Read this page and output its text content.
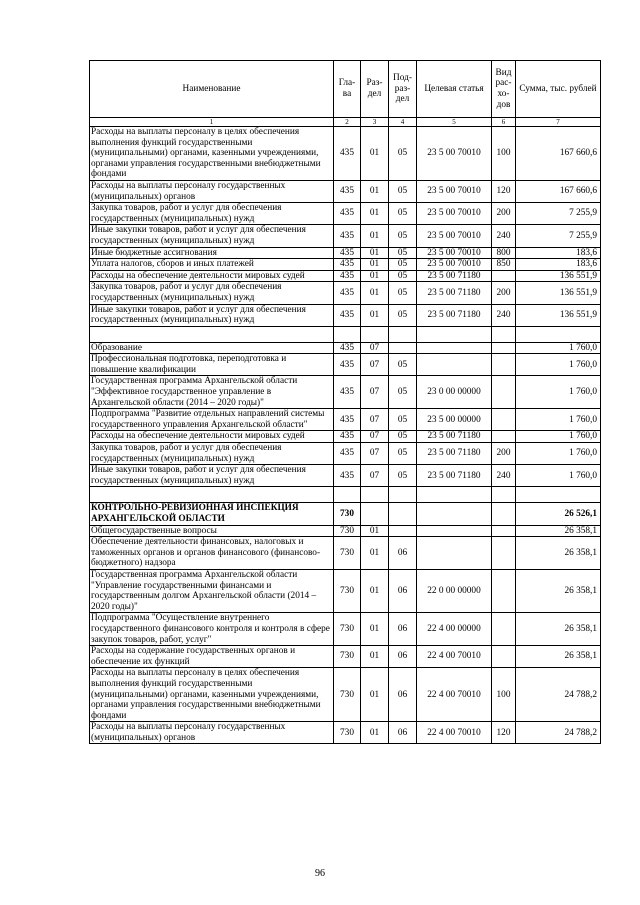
Наименование	Гла- ва	Раз- дел	Под- раз- дел	Целевая статья	Вид рас- хо- дов	Сумма, тыс. рублей
1	2	3	4	5	6	7
Расходы на выплаты персоналу в целях обеспечения выполнения функций государственными (муниципальными) органами, казенными учреждениями, органами управления государственными внебюджетными фондами	435	01	05	23 5 00 70010	100	167 660,6
Расходы на выплаты персоналу государственных (муниципальных) органов	435	01	05	23 5 00 70010	120	167 660,6
Закупка товаров, работ и услуг для обеспечения государственных (муниципальных) нужд	435	01	05	23 5 00 70010	200	7 255,9
Иные закупки товаров, работ и услуг для обеспечения государственных (муниципальных) нужд	435	01	05	23 5 00 70010	240	7 255,9
Иные бюджетные ассигнования	435	01	05	23 5 00 70010	800	183,6
Уплата налогов, сборов и иных платежей	435	01	05	23 5 00 70010	850	183,6
Расходы на обеспечение деятельности мировых судей	435	01	05	23 5 00 71180		136 551,9
Закупка товаров, работ и услуг для обеспечения государственных (муниципальных) нужд	435	01	05	23 5 00 71180	200	136 551,9
Иные закупки товаров, работ и услуг для обеспечения государственных (муниципальных) нужд	435	01	05	23 5 00 71180	240	136 551,9

Образование	435	07				1 760,0
Профессиональная подготовка, переподготовка и повышение квалификации	435	07	05			1 760,0
Государственная программа Архангельской области "Эффективное государственное управление в Архангельской области (2014 – 2020 годы)"	435	07	05	23 0 00 00000		1 760,0
Подпрограмма "Развитие отдельных направлений системы государственного управления Архангельской области"	435	07	05	23 5 00 00000		1 760,0
Расходы на обеспечение деятельности мировых судей	435	07	05	23 5 00 71180		1 760,0
Закупка товаров, работ и услуг для обеспечения государственных (муниципальных) нужд	435	07	05	23 5 00 71180	200	1 760,0
Иные закупки товаров, работ и услуг для обеспечения государственных (муниципальных) нужд	435	07	05	23 5 00 71180	240	1 760,0

КОНТРОЛЬНО-РЕВИЗИОННАЯ ИНСПЕКЦИЯ АРХАНГЕЛЬСКОЙ ОБЛАСТИ	730					26 526,1
Общегосударственные вопросы	730	01				26 358,1
Обеспечение деятельности финансовых, налоговых и таможенных органов и органов финансового (финансово-бюджетного) надзора	730	01	06			26 358,1
Государственная программа Архангельской области "Управление государственными финансами и государственным долгом Архангельской области (2014 – 2020 годы)"	730	01	06	22 0 00 00000		26 358,1
Подпрограмма "Осуществление внутреннего государственного финансового контроля и контроля в сфере закупок товаров, работ, услуг"	730	01	06	22 4 00 00000		26 358,1
Расходы на содержание государственных органов и обеспечение их функций	730	01	06	22 4 00 70010		26 358,1
Расходы на выплаты персоналу в целях обеспечения выполнения функций государственными (муниципальными) органами, казенными учреждениями, органами управления государственными внебюджетными фондами	730	01	06	22 4 00 70010	100	24 788,2
Расходы на выплаты персоналу государственных (муниципальных) органов	730	01	06	22 4 00 70010	120	24 788,2
96
